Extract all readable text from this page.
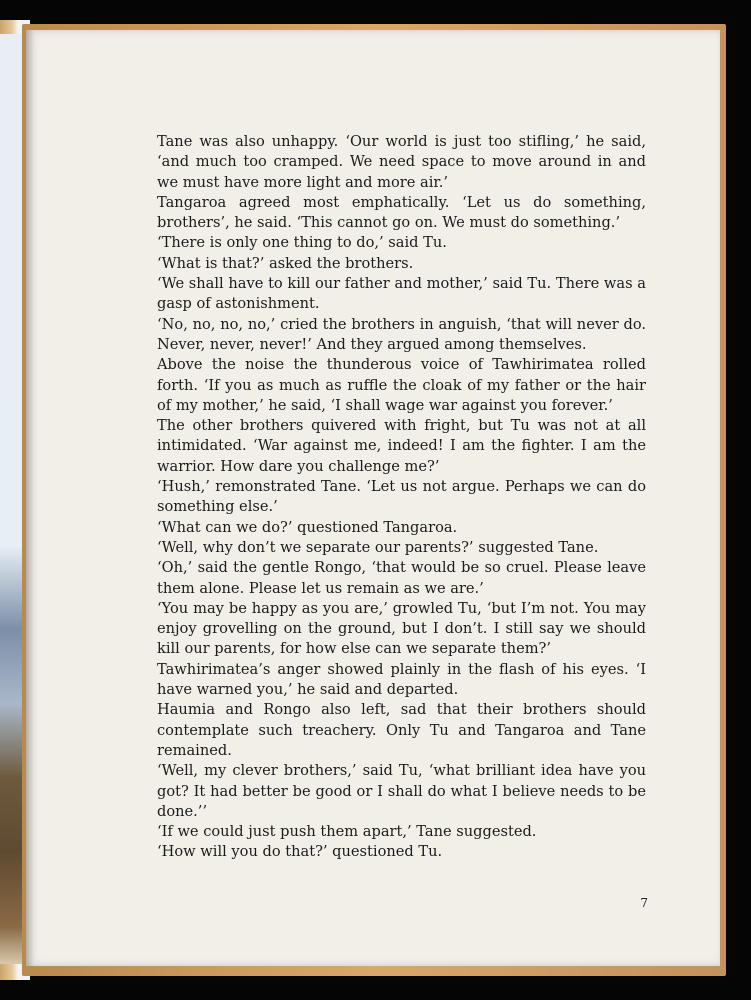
Tane was also unhappy. ‘Our world is just too stifling,’ he said, ‘and much too cramped. We need space to move around in and we must have more light and more air.’

Tangaroa agreed most emphatically. ‘Let us do something, brothers’, he said. ‘This cannot go on. We must do something.’

‘There is only one thing to do,’ said Tu.

‘What is that?’ asked the brothers.

‘We shall have to kill our father and mother,’ said Tu. There was a gasp of astonishment.

‘No, no, no, no,’ cried the brothers in anguish, ‘that will never do. Never, never, never!’ And they argued among themselves.

Above the noise the thunderous voice of Tawhirimatea rolled forth. ‘If you as much as ruffle the cloak of my father or the hair of my mother,’ he said, ‘I shall wage war against you forever.’

The other brothers quivered with fright, but Tu was not at all intimidated. ‘War against me, indeed! I am the fighter. I am the warrior. How dare you challenge me?’

‘Hush,’ remonstrated Tane. ‘Let us not argue. Perhaps we can do something else.’

‘What can we do?’ questioned Tangaroa.

‘Well, why don’t we separate our parents?’ suggested Tane.

‘Oh,’ said the gentle Rongo, ‘that would be so cruel. Please leave them alone. Please let us remain as we are.’

‘You may be happy as you are,’ growled Tu, ‘but I’m not. You may enjoy grovelling on the ground, but I don’t. I still say we should kill our parents, for how else can we separate them?’

Tawhirimatea’s anger showed plainly in the flash of his eyes. ‘I have warned you,’ he said and departed.

Haumia and Rongo also left, sad that their brothers should contemplate such treachery. Only Tu and Tangaroa and Tane remained.

‘Well, my clever brothers,’ said Tu, ‘what brilliant idea have you got? It had better be good or I shall do what I believe needs to be done.’’

‘If we could just push them apart,’ Tane suggested.

‘How will you do that?’ questioned Tu.

7
